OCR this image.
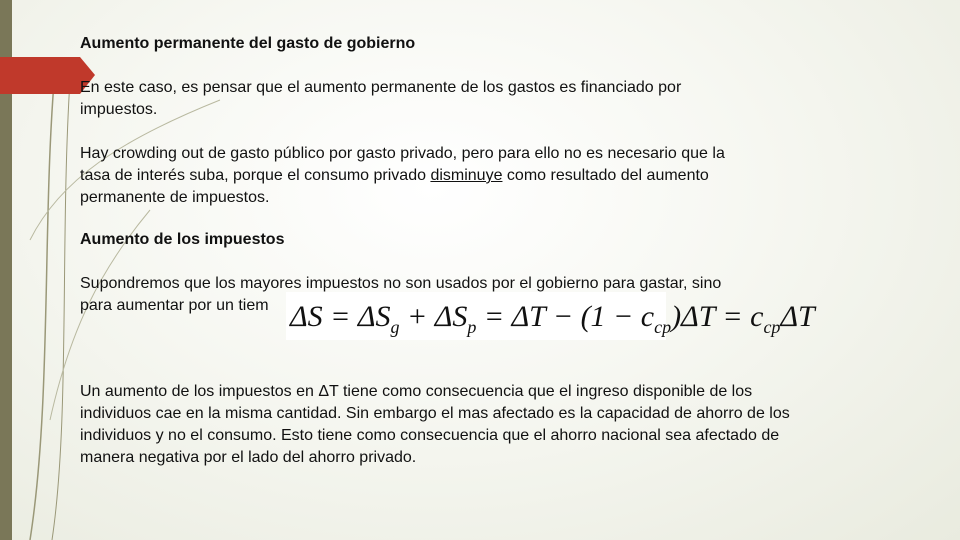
Aumento permanente del gasto de gobierno

En este caso, es pensar que el aumento permanente de los gastos es financiado por

impuestos.

Hay crowding out de gasto público por gasto privado, pero para ello no es necesario que la

tasa de interés suba, porque el consumo privado disminuye como resultado del aumento

permanente de impuestos.

Aumento de los impuestos

Supondremos que los mayores impuestos no son usados por el gobierno para gastar, sino

para aumentar por un tiem $\Delta S = \Delta S_g + \Delta S_p = \Delta T - (1 - c_{cp})\Delta T = c_{cp}\Delta T$

Un aumento de los impuestos en ΔT tiene como consecuencia que el ingreso disponible de los

individuos cae en la misma cantidad. Sin embargo el mas afectado es la capacidad de ahorro de los

individuos y no el consumo. Esto tiene como consecuencia que el ahorro nacional sea afectado de

manera negativa por el lado del ahorro privado.
